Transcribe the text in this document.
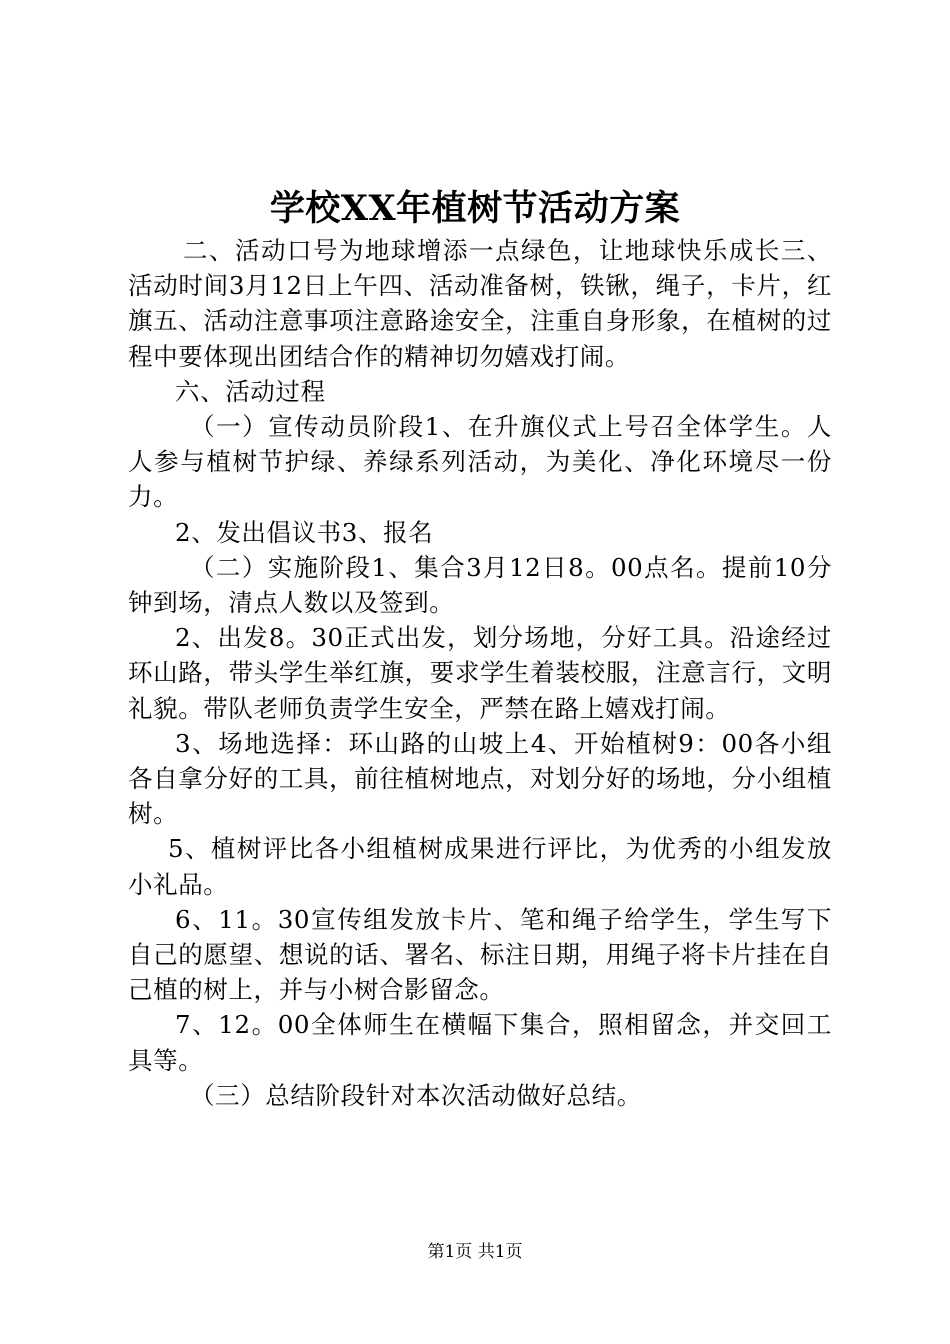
学校XX年植树节活动方案

二、活动口号为地球增添一点绿色，让地球快乐成长三、活动时间3月12日上午四、活动准备树，铁锹，绳子，卡片，红旗五、活动注意事项注意路途安全，注重自身形象，在植树的过程中要体现出团结合作的精神切勿嬉戏打闹。

六、活动过程

（一）宣传动员阶段1、在升旗仪式上号召全体学生。人人参与植树节护绿、养绿系列活动，为美化、净化环境尽一份力。

2、发出倡议书3、报名

（二）实施阶段1、集合3月12日8。00点名。提前10分钟到场，清点人数以及签到。

2、出发8。30正式出发，划分场地，分好工具。沿途经过环山路，带头学生举红旗，要求学生着装校服，注意言行，文明礼貌。带队老师负责学生安全，严禁在路上嬉戏打闹。

3、场地选择：环山路的山坡上4、开始植树9：00各小组各自拿分好的工具，前往植树地点，对划分好的场地，分小组植树。

5、植树评比各小组植树成果进行评比，为优秀的小组发放小礼品。

6、11。30宣传组发放卡片、笔和绳子给学生，学生写下自己的愿望、想说的话、署名、标注日期，用绳子将卡片挂在自己植的树上，并与小树合影留念。

7、12。00全体师生在横幅下集合，照相留念，并交回工具等。

（三）总结阶段针对本次活动做好总结。

第1页 共1页
